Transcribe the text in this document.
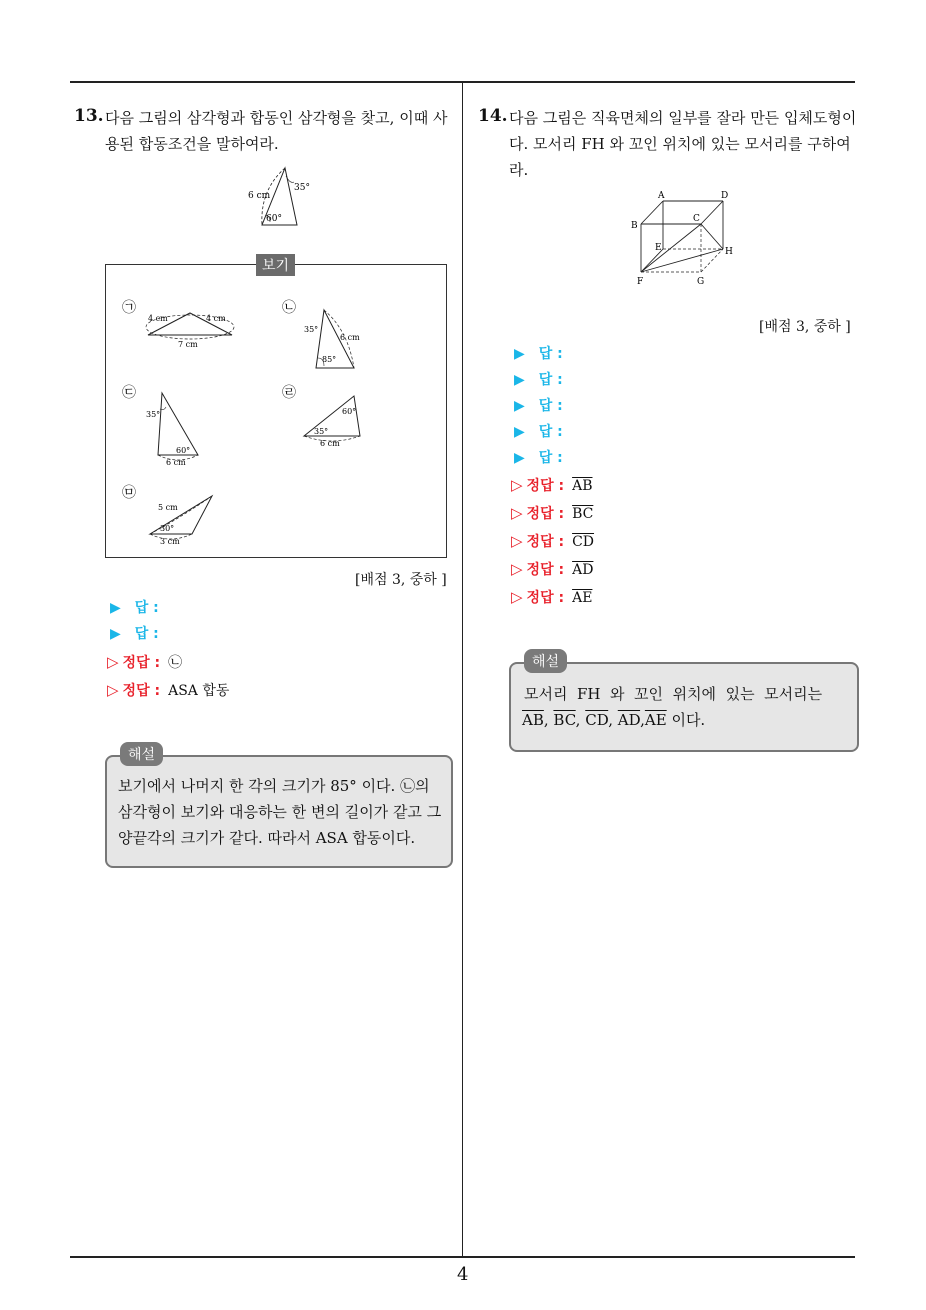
13. 다음 그림의 삼각형과 합동인 삼각형을 찾고, 이때 사
용된 합동조건을 말하여라.
6 cm
35°
60°
보기
㉠
4 cm	4 cm
7 cm
㉡
35°
6 cm
85°
㉢
35°
60°
6 cm
㉣
60°
35°
6 cm
㉤
5 cm
30°
3 cm
[배점 3, 중하 ]
▶ 답 :
▶ 답 :
▷ 정답 : ㉡
▷ 정답 : ASA 합동
해설
보기에서 나머지 한 각의 크기가 85° 이다. ㉡의
삼각형이 보기와 대응하는 한 변의 길이가 같고 그
양끝각의 크기가 같다. 따라서 ASA 합동이다.
14. 다음 그림은 직육면체의 일부를 잘라 만든 입체도형이
다. 모서리 FH 와 꼬인 위치에 있는 모서리를 구하여
라.
A	D
B
C
E	H
F	G
[배점 3, 중하 ]
▶ 답 :
▶ 답 :
▶ 답 :
▶ 답 :
▶ 답 :
▷ 정답 : $\overline{AB}$
▷ 정답 : $\overline{BC}$
▷ 정답 : $\overline{CD}$
▷ 정답 : $\overline{AD}$
▷ 정답 : $\overline{AE}$
해설
모서리  FH  와  꼬인  위치에  있는  모서리는
$\overline{AB}$, $\overline{BC}$, $\overline{CD}$, $\overline{AD},\overline{AE}$ 이다.
4
